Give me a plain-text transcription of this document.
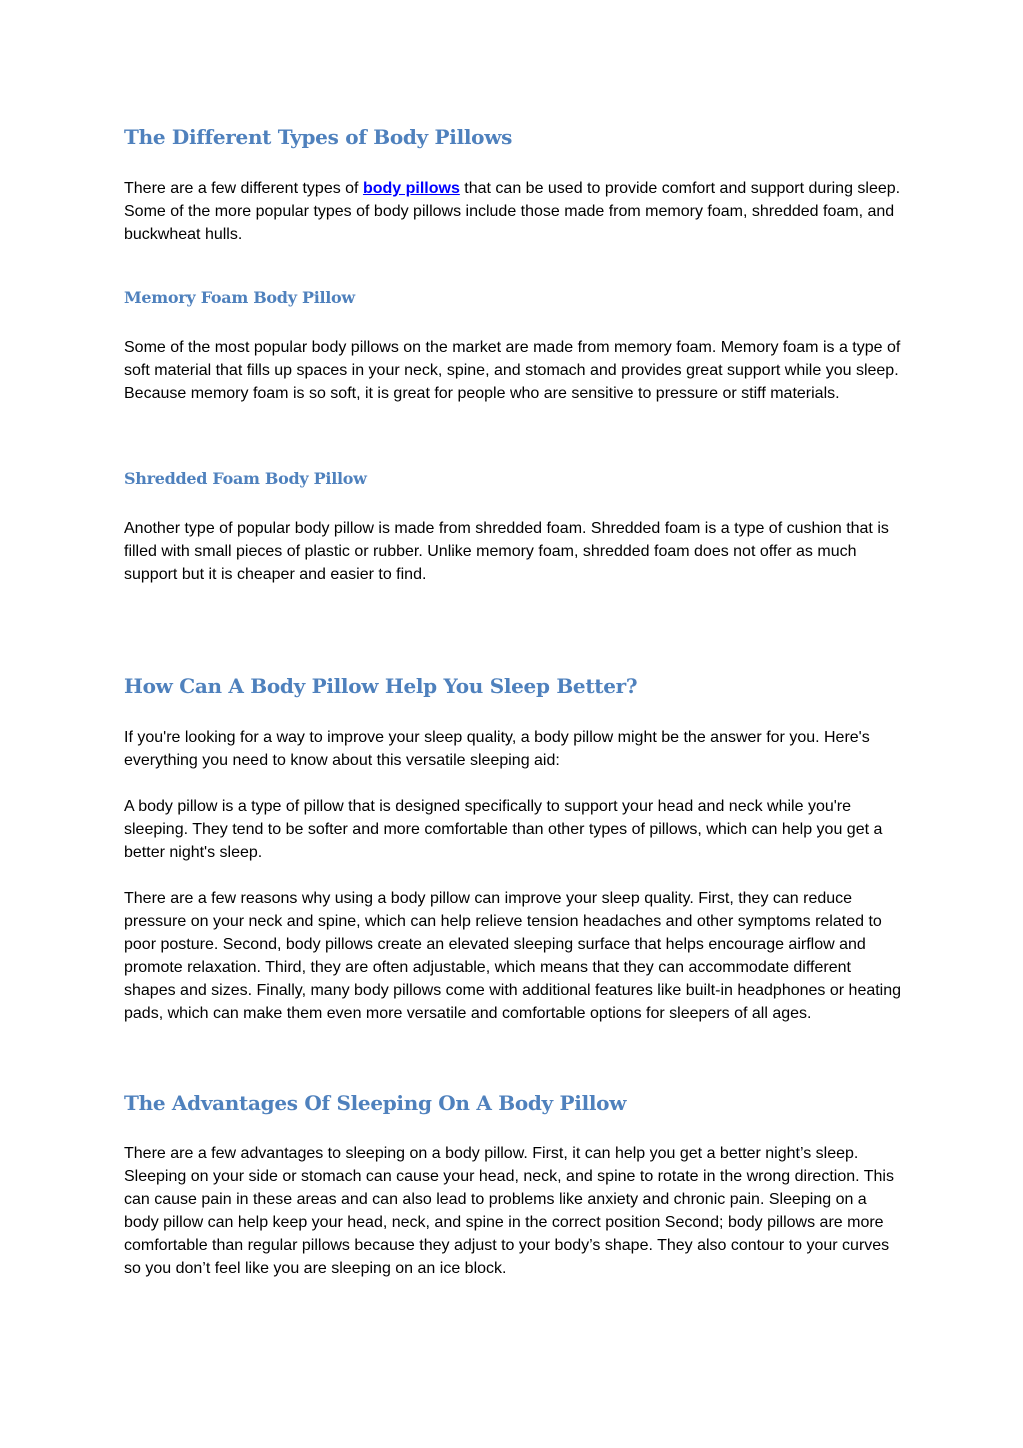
The Different Types of Body Pillows

There are a few different types of body pillows that can be used to provide comfort and support during sleep. Some of the more popular types of body pillows include those made from memory foam, shredded foam, and buckwheat hulls.

Memory Foam Body Pillow

Some of the most popular body pillows on the market are made from memory foam. Memory foam is a type of soft material that fills up spaces in your neck, spine, and stomach and provides great support while you sleep. Because memory foam is so soft, it is great for people who are sensitive to pressure or stiff materials.

Shredded Foam Body Pillow

Another type of popular body pillow is made from shredded foam. Shredded foam is a type of cushion that is filled with small pieces of plastic or rubber. Unlike memory foam, shredded foam does not offer as much support but it is cheaper and easier to find.

How Can A Body Pillow Help You Sleep Better?

If you're looking for a way to improve your sleep quality, a body pillow might be the answer for you. Here's everything you need to know about this versatile sleeping aid:

A body pillow is a type of pillow that is designed specifically to support your head and neck while you're sleeping. They tend to be softer and more comfortable than other types of pillows, which can help you get a better night's sleep.

There are a few reasons why using a body pillow can improve your sleep quality. First, they can reduce pressure on your neck and spine, which can help relieve tension headaches and other symptoms related to poor posture. Second, body pillows create an elevated sleeping surface that helps encourage airflow and promote relaxation. Third, they are often adjustable, which means that they can accommodate different shapes and sizes. Finally, many body pillows come with additional features like built-in headphones or heating pads, which can make them even more versatile and comfortable options for sleepers of all ages.

The Advantages Of Sleeping On A Body Pillow

There are a few advantages to sleeping on a body pillow. First, it can help you get a better night’s sleep. Sleeping on your side or stomach can cause your head, neck, and spine to rotate in the wrong direction. This can cause pain in these areas and can also lead to problems like anxiety and chronic pain. Sleeping on a body pillow can help keep your head, neck, and spine in the correct position Second; body pillows are more comfortable than regular pillows because they adjust to your body’s shape. They also contour to your curves so you don’t feel like you are sleeping on an ice block.
